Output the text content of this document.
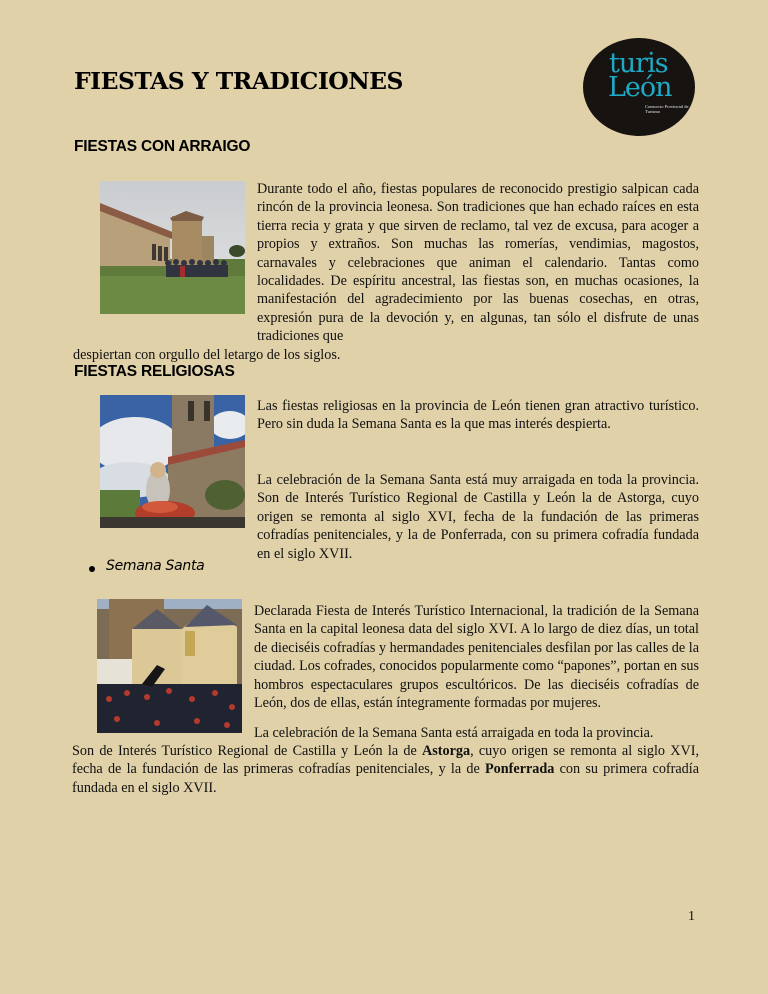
FIESTAS Y TRADICIONES
turis
León
Consorcio Provincial de Turismo
FIESTAS CON ARRAIGO
Durante todo el año, fiestas populares de reconocido prestigio salpican cada rincón de la provincia leonesa. Son tradiciones que han echado raíces en esta tierra recia y grata y que sirven de reclamo, tal vez de excusa, para acoger a propios y extraños. Son muchas las romerías, vendimias, magostos, carnavales y celebraciones que animan el calendario. Tantas como localidades. De espíritu ancestral, las fiestas son, en muchas ocasiones, la manifestación del agradecimiento por las buenas cosechas, en otras, expresión pura de la devoción y, en algunas, tan sólo el disfrute de unas tradiciones que
despiertan con orgullo del letargo de los siglos.
FIESTAS RELIGIOSAS
Las fiestas religiosas en la provincia de León tienen gran atractivo turístico. Pero sin duda la Semana Santa es la que mas interés despierta.
La celebración de la Semana Santa está muy arraigada en toda la provincia. Son de Interés Turístico Regional de Castilla y León la de Astorga, cuyo origen se remonta al siglo XVI, fecha de la fundación de las primeras cofradías penitenciales, y la de Ponferrada, con su primera cofradía fundada en el siglo XVII.
Semana Santa
Declarada Fiesta de Interés Turístico Internacional, la tradición de la Semana Santa en la capital leonesa data del siglo XVI. A lo largo de diez días, un total de dieciséis cofradías y hermandades penitenciales desfilan por las calles de la ciudad. Los cofrades, conocidos popularmente como “papones”, portan en sus hombros espectaculares grupos escultóricos. De las dieciséis cofradías de León, dos de ellas, están íntegramente formadas por mujeres.
La celebración de la Semana Santa está arraigada en toda la provincia.
Son de Interés Turístico Regional de Castilla y León la de Astorga, cuyo origen se remonta al siglo XVI, fecha de la fundación de las primeras cofradías penitenciales, y la de Ponferrada con su primera cofradía fundada en el siglo XVII.
1
